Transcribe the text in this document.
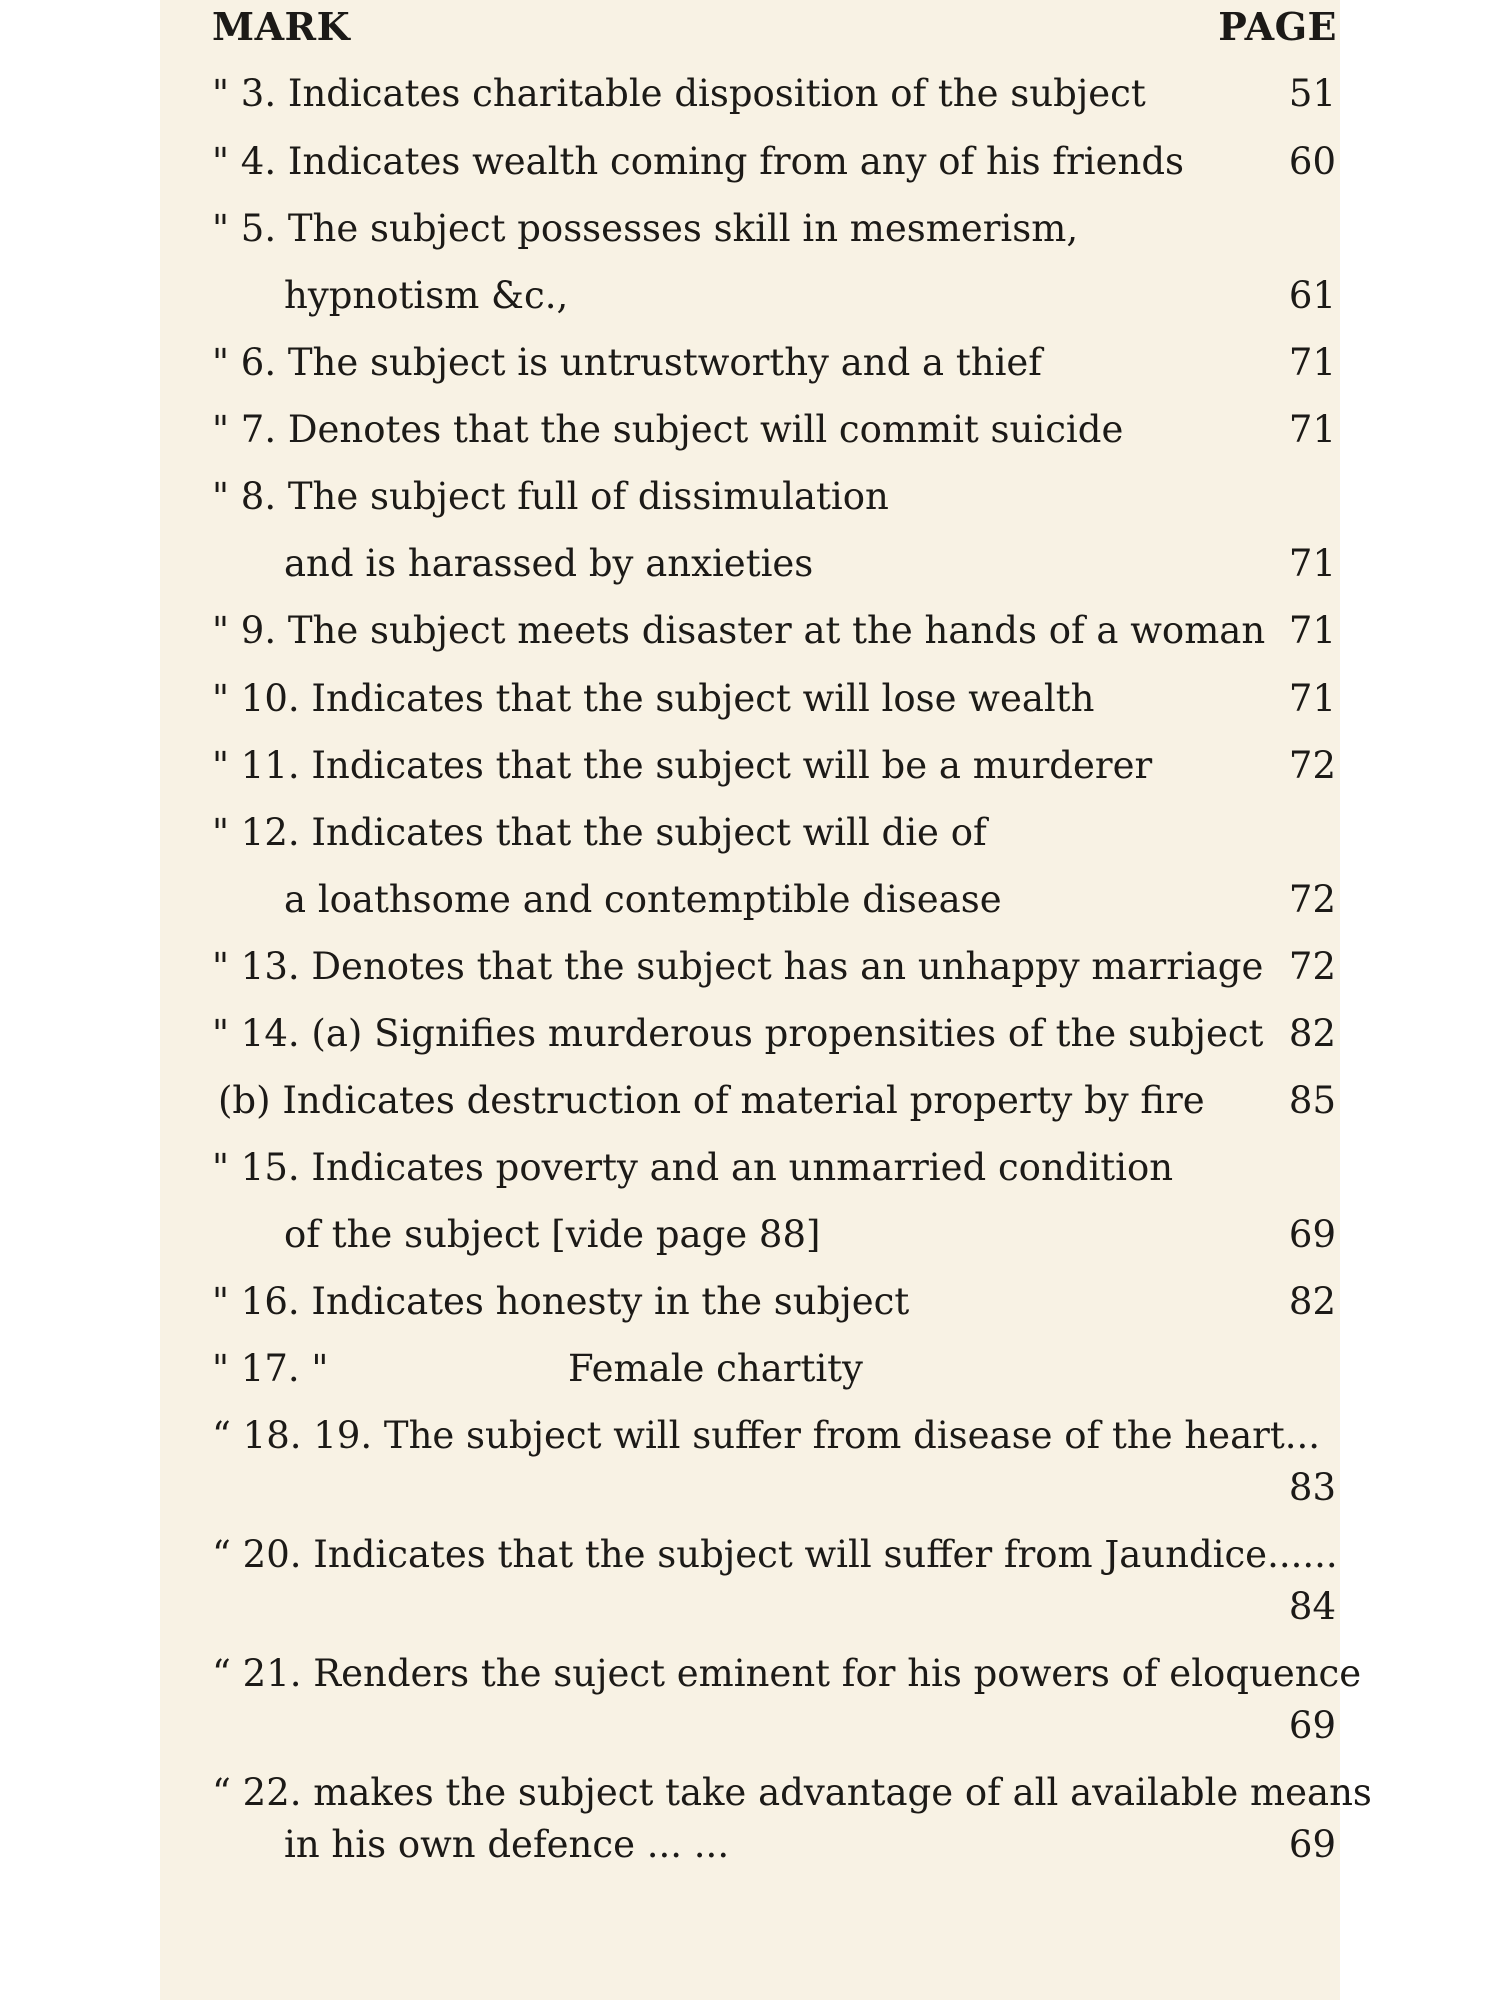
MARK	PAGE
" 3. Indicates charitable disposition of the subject	51
" 4. Indicates wealth coming from any of his friends	60
" 5. The subject possesses skill in mesmerism,
hypnotism &c.,	61
" 6. The subject is untrustworthy and a thief	71
" 7. Denotes that the subject will commit suicide	71
" 8. The subject full of dissimulation
and is harassed by anxieties	71
" 9. The subject meets disaster at the hands of a woman 71
" 10. Indicates that the subject will lose wealth	71
" 11. Indicates that the subject will be a murderer	72
" 12. Indicates that the subject will die of
a loathsome and contemptible disease	72
" 13. Denotes that the subject has an unhappy marriage 72
" 14. (a) Signifies murderous propensities of the subject 82
(b) Indicates destruction of material property by fire 85
" 15. Indicates poverty and an unmarried condition
of the subject [vide page 88]	69
" 16. Indicates honesty in the subject	82
" 17. "	Female chartity
“ 18. 19. The subject will suffer from disease of the heart...
83
“ 20. Indicates that the subject will suffer from Jaundice......
84
“ 21. Renders the suject eminent for his powers of eloquence
69
“ 22. makes the subject take advantage of all available means
in his own defence ... ...	69
